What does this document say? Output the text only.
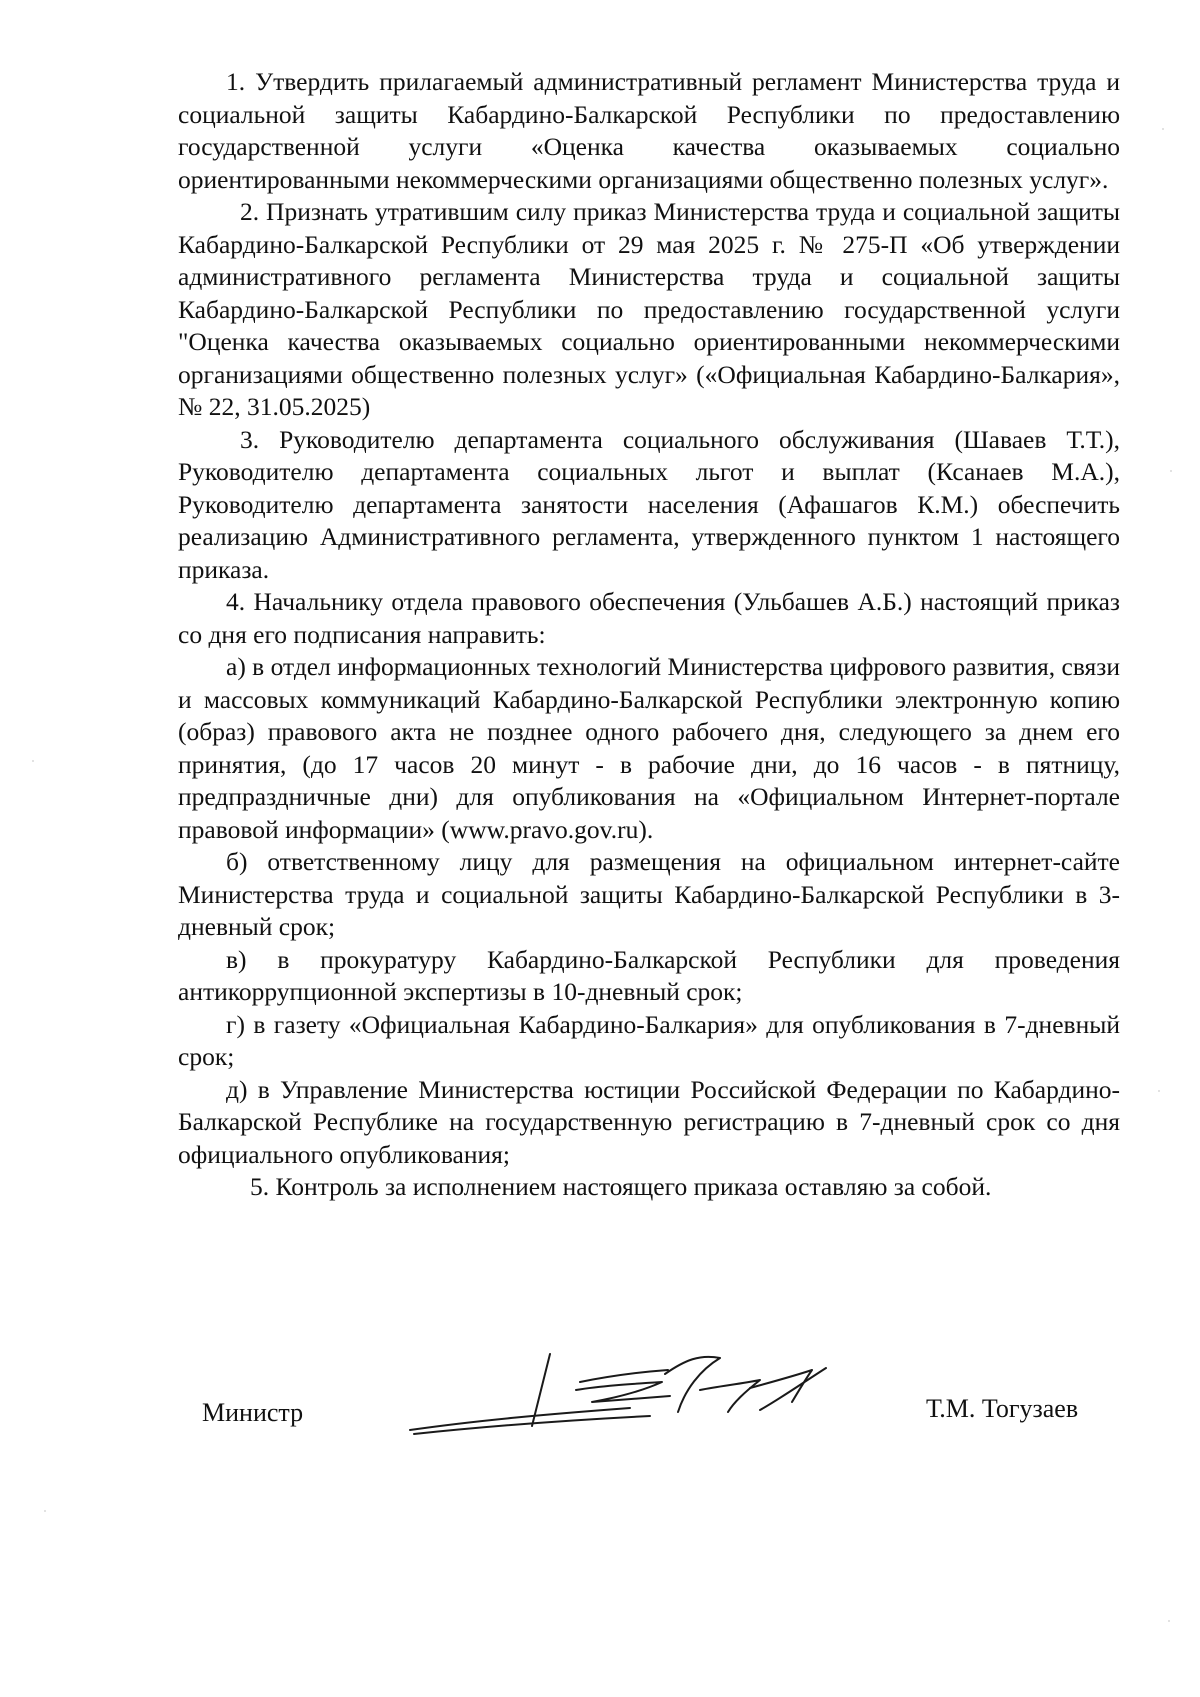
1. Утвердить прилагаемый административный регламент Министерства труда и социальной защиты Кабардино-Балкарской Республики по предоставлению государственной услуги «Оценка качества оказываемых социально ориентированными некоммерческими организациями общественно полезных услуг».

2. Признать утратившим силу приказ Министерства труда и социальной защиты Кабардино-Балкарской Республики от 29 мая 2025 г. № 275-П «Об утверждении административного регламента Министерства труда и социальной защиты Кабардино-Балкарской Республики по предоставлению государственной услуги "Оценка качества оказываемых социально ориентированными некоммерческими организациями общественно полезных услуг» («Официальная Кабардино-Балкария», № 22, 31.05.2025)

3. Руководителю департамента социального обслуживания (Шаваев Т.Т.), Руководителю департамента социальных льгот и выплат (Ксанаев М.А.), Руководителю департамента занятости населения (Афашагов К.М.) обеспечить реализацию Административного регламента, утвержденного пунктом 1 настоящего приказа.

4. Начальнику отдела правового обеспечения (Ульбашев А.Б.) настоящий приказ со дня его подписания направить:

а) в отдел информационных технологий Министерства цифрового развития, связи и массовых коммуникаций Кабардино-Балкарской Республики электронную копию (образ) правового акта не позднее одного рабочего дня, следующего за днем его принятия, (до 17 часов 20 минут - в рабочие дни, до 16 часов - в пятницу, предпраздничные дни) для опубликования на «Официальном Интернет-портале правовой информации» (www.pravo.gov.ru).

б) ответственному лицу для размещения на официальном интернет-сайте Министерства труда и социальной защиты Кабардино-Балкарской Республики в 3-дневный срок;

в) в прокуратуру Кабардино-Балкарской Республики для проведения антикоррупционной экспертизы в 10-дневный срок;

г) в газету «Официальная Кабардино-Балкария» для опубликования в 7-дневный срок;

д) в Управление Министерства юстиции Российской Федерации по Кабардино-Балкарской Республике на государственную регистрацию в 7-дневный срок со дня официального опубликования;

5. Контроль за исполнением настоящего приказа оставляю за собой.

Министр	Т.М. Тогузаев
